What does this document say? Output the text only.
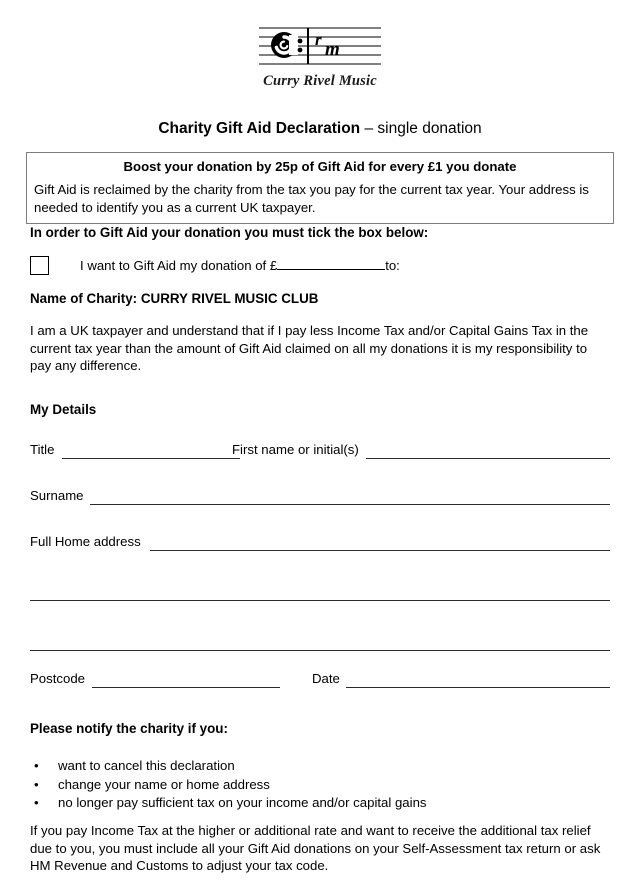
r m
Curry Rivel Music
Charity Gift Aid Declaration – single donation
Boost your donation by 25p of Gift Aid for every £1 you donate
Gift Aid is reclaimed by the charity from the tax you pay for the current tax year. Your address is needed to identify you as a current UK taxpayer.
In order to Gift Aid your donation you must tick the box below:
I want to Gift Aid my donation of £	to:
Name of Charity: CURRY RIVEL MUSIC CLUB
I am a UK taxpayer and understand that if I pay less Income Tax and/or Capital Gains Tax in the current tax year than the amount of Gift Aid claimed on all my donations it is my responsibility to pay any difference.
My Details
Title	First name or initial(s)
Surname
Full Home address
Postcode	Date
Please notify the charity if you:
• want to cancel this declaration
• change your name or home address
• no longer pay sufficient tax on your income and/or capital gains
If you pay Income Tax at the higher or additional rate and want to receive the additional tax relief due to you, you must include all your Gift Aid donations on your Self-Assessment tax return or ask HM Revenue and Customs to adjust your tax code.
